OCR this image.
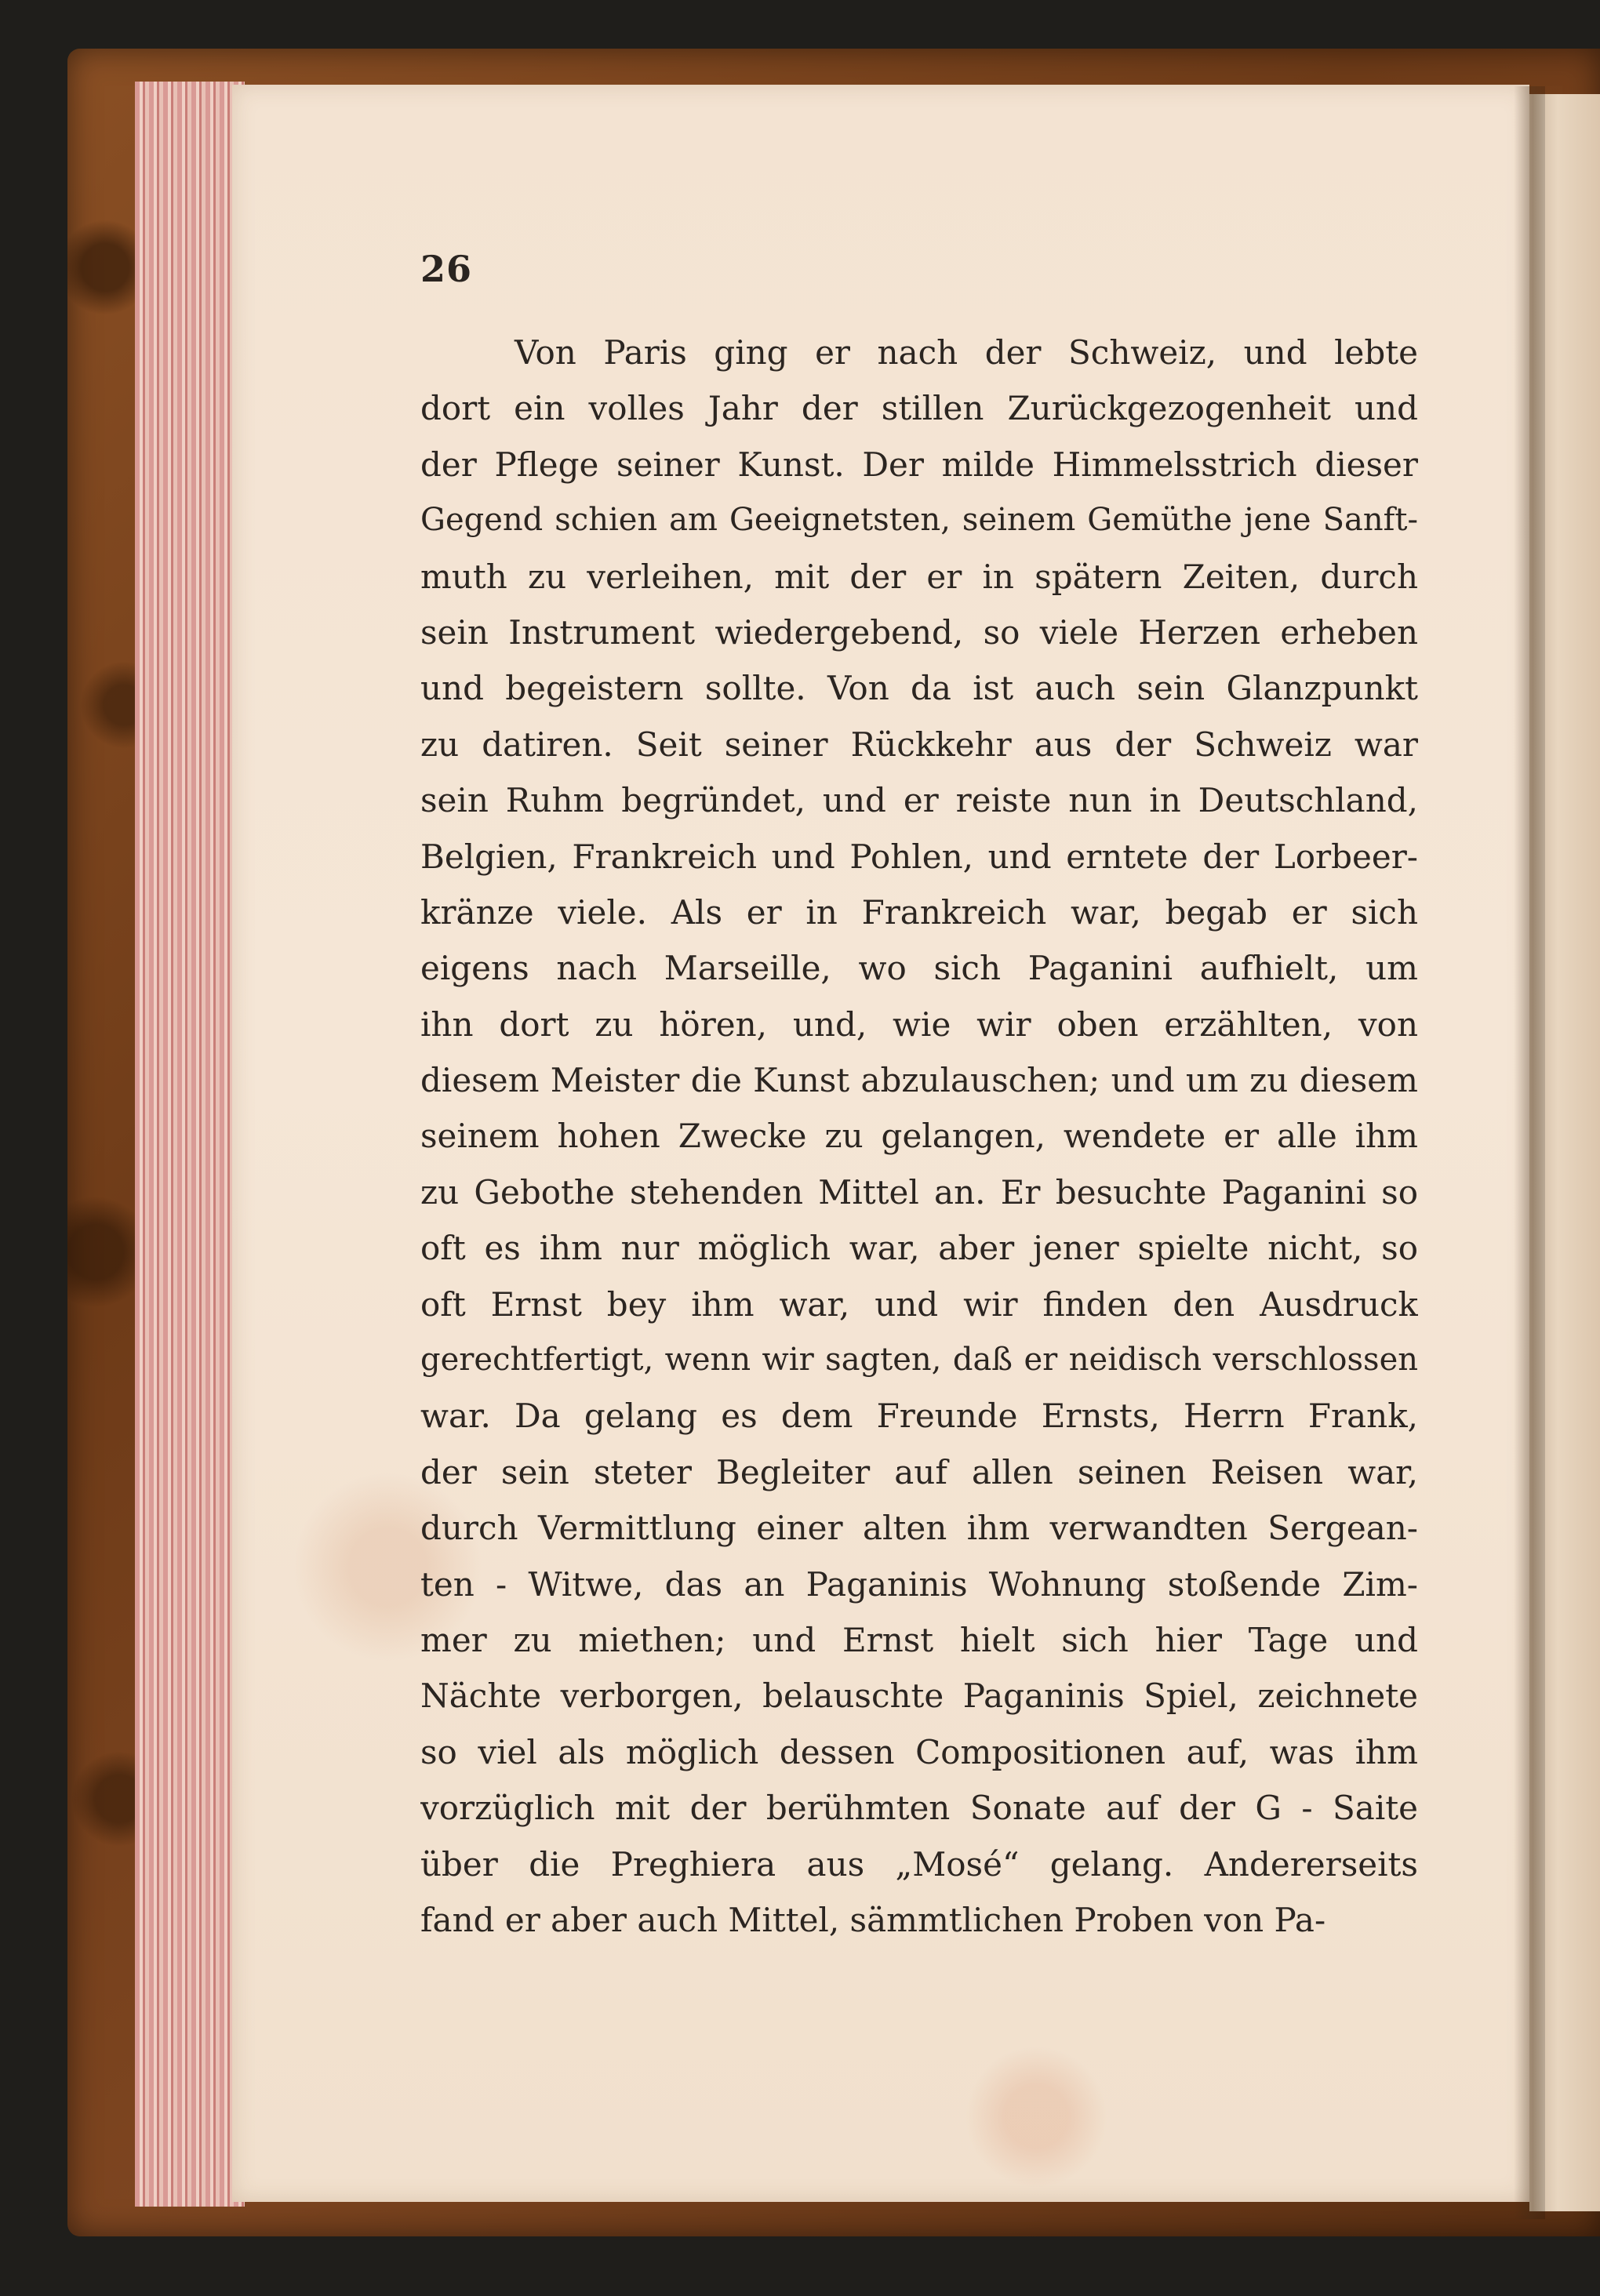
26

Von Paris ging er nach der Schweiz, und lebte
dort ein volles Jahr der stillen Zurückgezogenheit und
der Pflege seiner Kunst. Der milde Himmelsstrich dieser
Gegend schien am Geeignetsten, seinem Gemüthe jene Sanft-
muth zu verleihen, mit der er in spätern Zeiten, durch
sein Instrument wiedergebend, so viele Herzen erheben
und begeistern sollte. Von da ist auch sein Glanzpunkt
zu datiren. Seit seiner Rückkehr aus der Schweiz war
sein Ruhm begründet, und er reiste nun in Deutschland,
Belgien, Frankreich und Pohlen, und erntete der Lorbeer-
kränze viele. Als er in Frankreich war, begab er sich
eigens nach Marseille, wo sich Paganini aufhielt, um
ihn dort zu hören, und, wie wir oben erzählten, von
diesem Meister die Kunst abzulauschen; und um zu diesem
seinem hohen Zwecke zu gelangen, wendete er alle ihm
zu Gebothe stehenden Mittel an. Er besuchte Paganini so
oft es ihm nur möglich war, aber jener spielte nicht, so
oft Ernst bey ihm war, und wir finden den Ausdruck
gerechtfertigt, wenn wir sagten, daß er neidisch verschlossen
war. Da gelang es dem Freunde Ernsts, Herrn Frank,
der sein steter Begleiter auf allen seinen Reisen war,
durch Vermittlung einer alten ihm verwandten Sergean-
ten - Witwe, das an Paganinis Wohnung stoßende Zim-
mer zu miethen; und Ernst hielt sich hier Tage und
Nächte verborgen, belauschte Paganinis Spiel, zeichnete
so viel als möglich dessen Compositionen auf, was ihm
vorzüglich mit der berühmten Sonate auf der G - Saite
über die Preghiera aus „Mosé“ gelang. Andererseits
fand er aber auch Mittel, sämmtlichen Proben von Pa-
